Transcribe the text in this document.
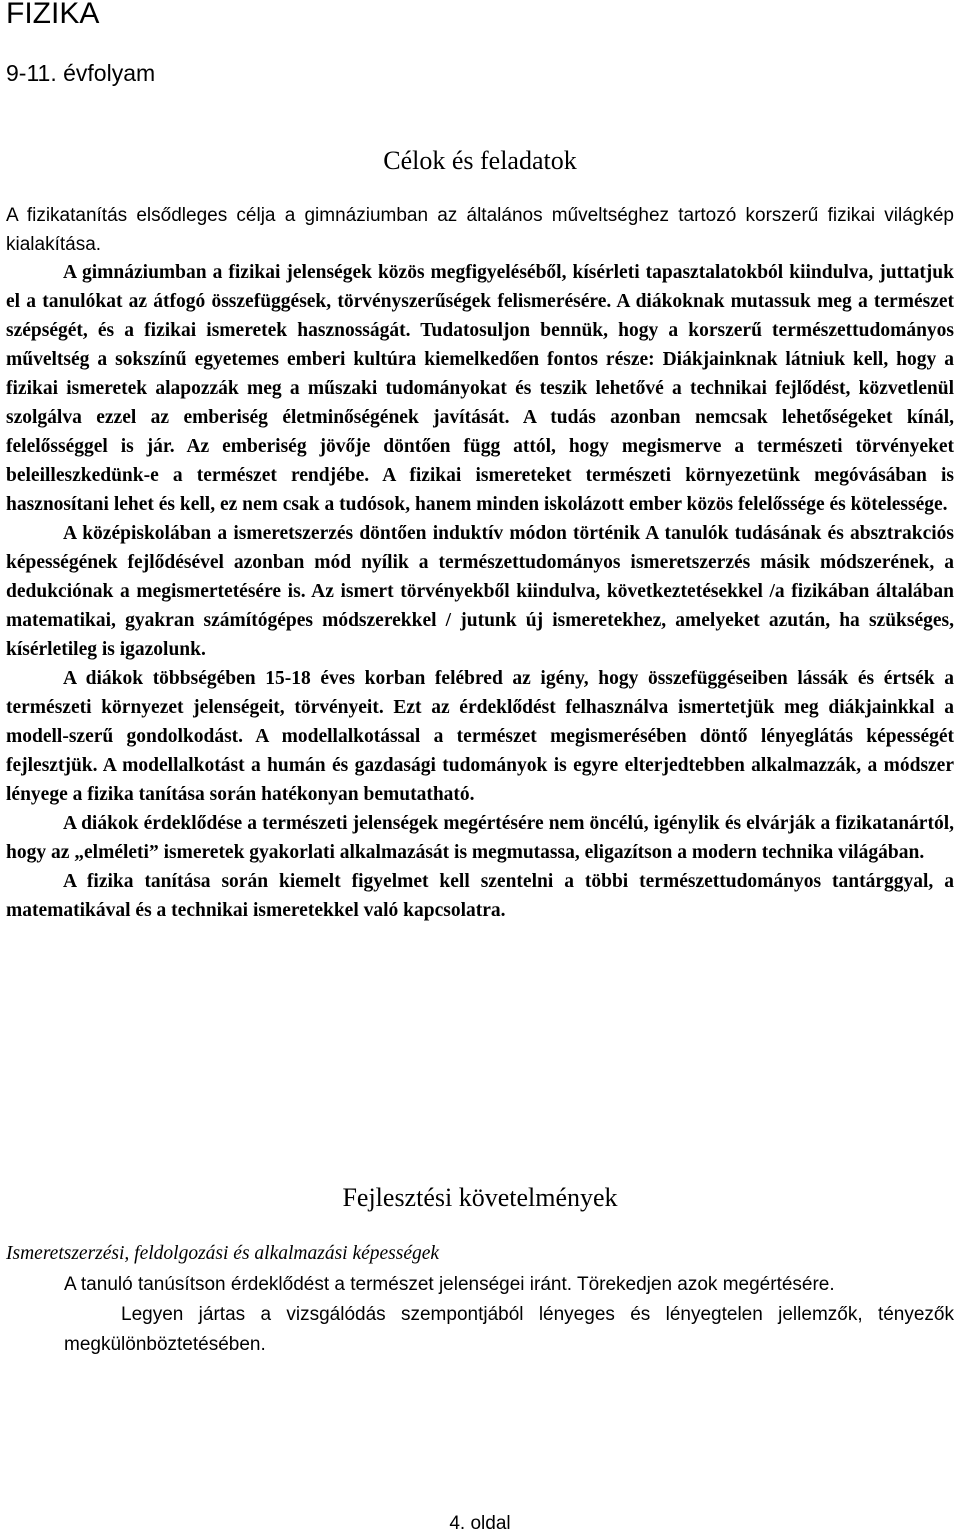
FIZIKA
9-11. évfolyam
Célok és feladatok

A fizikatanítás elsődleges célja a gimnáziumban az általános műveltséghez tartozó korszerű fizikai világkép kialakítása.

A gimnáziumban a fizikai jelenségek közös megfigyeléséből, kísérleti tapasztalatokból kiindulva, juttatjuk el a tanulókat az átfogó összefüggések, törvényszerűségek felismerésére. A diákoknak mutassuk meg a természet szépségét, és a fizikai ismeretek hasznosságát. Tudatosuljon bennük, hogy a korszerű természettudományos műveltség a sokszínű egyetemes emberi kultúra kiemelkedően fontos része: Diákjainknak látniuk kell, hogy a fizikai ismeretek alapozzák meg a műszaki tudományokat és teszik lehetővé a technikai fejlődést, közvetlenül szolgálva ezzel az emberiség életminőségének javítását. A tudás azonban nemcsak lehetőségeket kínál, felelősséggel is jár. Az emberiség jövője döntően függ attól, hogy megismerve a természeti törvényeket beleilleszkedünk-e a természet rendjébe. A fizikai ismereteket természeti környezetünk megóvásában is hasznosítani lehet és kell, ez nem csak a tudósok, hanem minden iskolázott ember közös felelőssége és kötelessége.

A középiskolában a ismeretszerzés döntően induktív módon történik A tanulók tudásának és absztrakciós képességének fejlődésével azonban mód nyílik a természettudományos ismeretszerzés másik módszerének, a dedukciónak a megismertetésére is. Az ismert törvényekből kiindulva, következtetésekkel /a fizikában általában matematikai, gyakran számítógépes módszerekkel / jutunk új ismeretekhez, amelyeket azután, ha szükséges, kísérletileg is igazolunk.

A diákok többségében 15-18 éves korban felébred az igény, hogy összefüggéseiben lássák és értsék a természeti környezet jelenségeit, törvényeit. Ezt az érdeklődést felhasználva ismertetjük meg diákjainkkal a modell-szerű gondolkodást. A modellalkotással a természet megismerésében döntő lényeglátás képességét fejlesztjük. A modellalkotást a humán és gazdasági tudományok is egyre elterjedtebben alkalmazzák, a módszer lényege a fizika tanítása során hatékonyan bemutatható.

A diákok érdeklődése a természeti jelenségek megértésére nem öncélú, igénylik és elvárják a fizikatanártól, hogy az „elméleti” ismeretek gyakorlati alkalmazását is megmutassa, eligazítson a modern technika világában.

A fizika tanítása során kiemelt figyelmet kell szentelni a többi természettudományos tantárggyal, a matematikával és a technikai ismeretekkel való kapcsolatra.

Fejlesztési követelmények

Ismeretszerzési, feldolgozási és alkalmazási képességek

A tanuló tanúsítson érdeklődést a természet jelenségei iránt. Törekedjen azok megértésére.

Legyen jártas a vizsgálódás szempontjából lényeges és lényegtelen jellemzők, tényezők megkülönböztetésében.

4. oldal
